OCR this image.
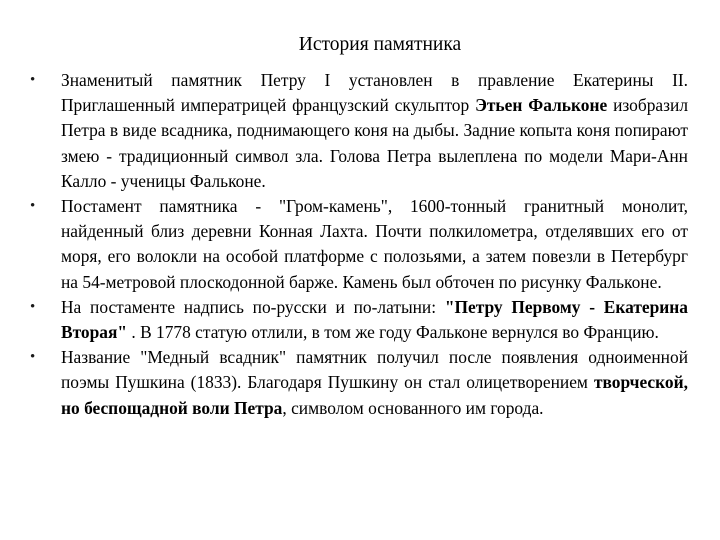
История памятника
• Знаменитый памятник Петру I установлен в правление Екатерины II. Приглашенный императрицей французский скульптор Этьен Фальконе изобразил Петра в виде всадника, поднимающего коня на дыбы. Задние копыта коня попирают змею - традиционный символ зла. Голова Петра вылеплена по модели Мари-Анн Калло - ученицы Фальконе.
• Постамент памятника - "Гром-камень", 1600-тонный гранитный монолит, найденный близ деревни Конная Лахта. Почти полкилометра, отделявших его от моря, его волокли на особой платформе с полозьями, а затем повезли в Петербург на 54-метровой плоскодонной барже. Камень был обточен по рисунку Фальконе.
• На постаменте надпись по-русски и по-латыни: "Петру Первому - Екатерина Вторая" . В 1778 статую отлили, в том же году Фальконе вернулся во Францию.
• Название "Медный всадник" памятник получил после появления одноименной поэмы Пушкина (1833). Благодаря Пушкину он стал олицетворением творческой, но беспощадной воли Петра, символом основанного им города.
